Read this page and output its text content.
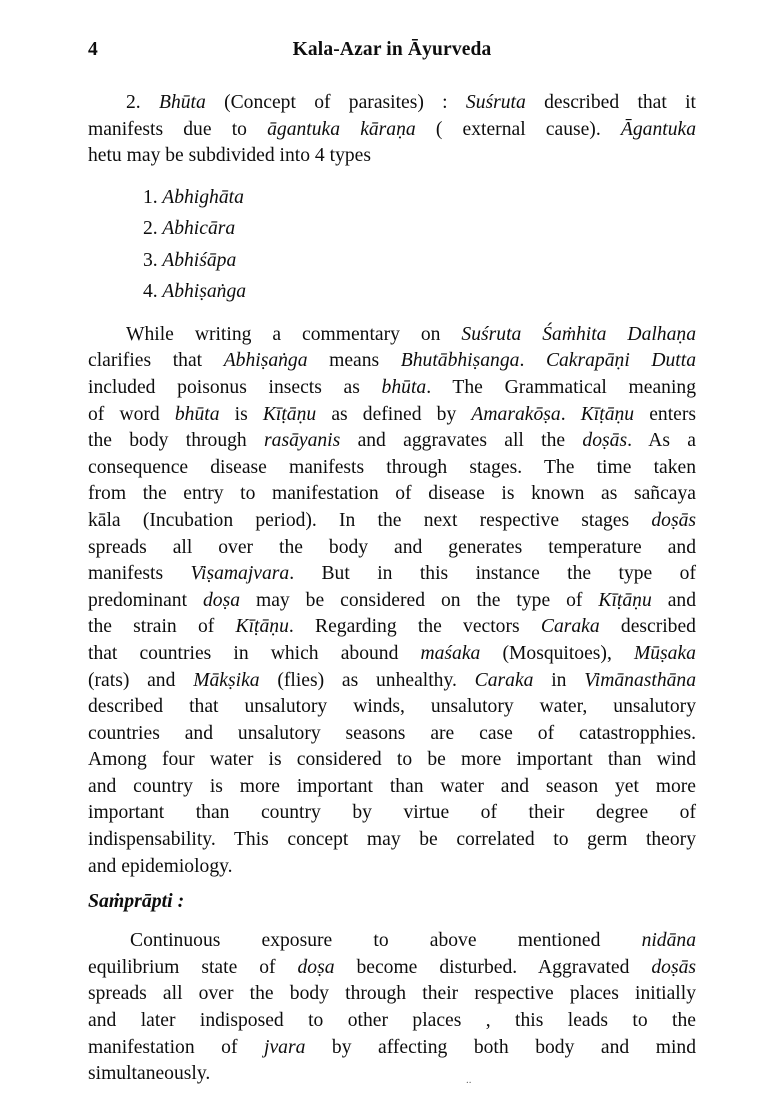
4	Kala-Azar in Āyurveda
2. Bhūta (Concept of parasites) : Suśruta described that it
manifests due to āgantuka kāraṇa ( external cause). Āgantuka
hetu may be subdivided into 4 types
1. Abhighāta
2. Abhicāra
3. Abhiśāpa
4. Abhiṣaṅga
While writing a commentary on Suśruta Śaṁhita Dalhaṇa
clarifies that Abhiṣaṅga means Bhutābhiṣanga. Cakrapāṇi Dutta
included poisonus insects as bhūta. The Grammatical meaning
of word bhūta is Kīṭāṇu as defined by Amarakōṣa. Kīṭāṇu enters
the body through rasāyanis and aggravates all the doṣās. As a
consequence disease manifests through stages. The time taken
from the entry to manifestation of disease is known as sañcaya
kāla (Incubation period). In the next respective stages doṣās
spreads all over the body and generates temperature and
manifests Viṣamajvara. But in this instance the type of
predominant doṣa may be considered on the type of Kīṭāṇu and
the strain of Kīṭāṇu. Regarding the vectors Caraka described
that countries in which abound maśaka (Mosquitoes), Mūṣaka
(rats) and Mākṣika (flies) as unhealthy. Caraka in Vimānasthāna
described that unsalutory winds, unsalutory water, unsalutory
countries and unsalutory seasons are case of catastropphies.
Among four water is considered to be more important than wind
and country is more important than water and season yet more
important than country by virtue of their degree of
indispensability. This concept may be correlated to germ theory
and epidemiology.
Saṁprāpti :
Continuous exposure to above mentioned nidāna
equilibrium state of doṣa become disturbed. Aggravated doṣās
spreads all over the body through their respective places initially
and later indisposed to other places , this leads to the
manifestation of jvara by affecting both body and mind
simultaneously.	..
